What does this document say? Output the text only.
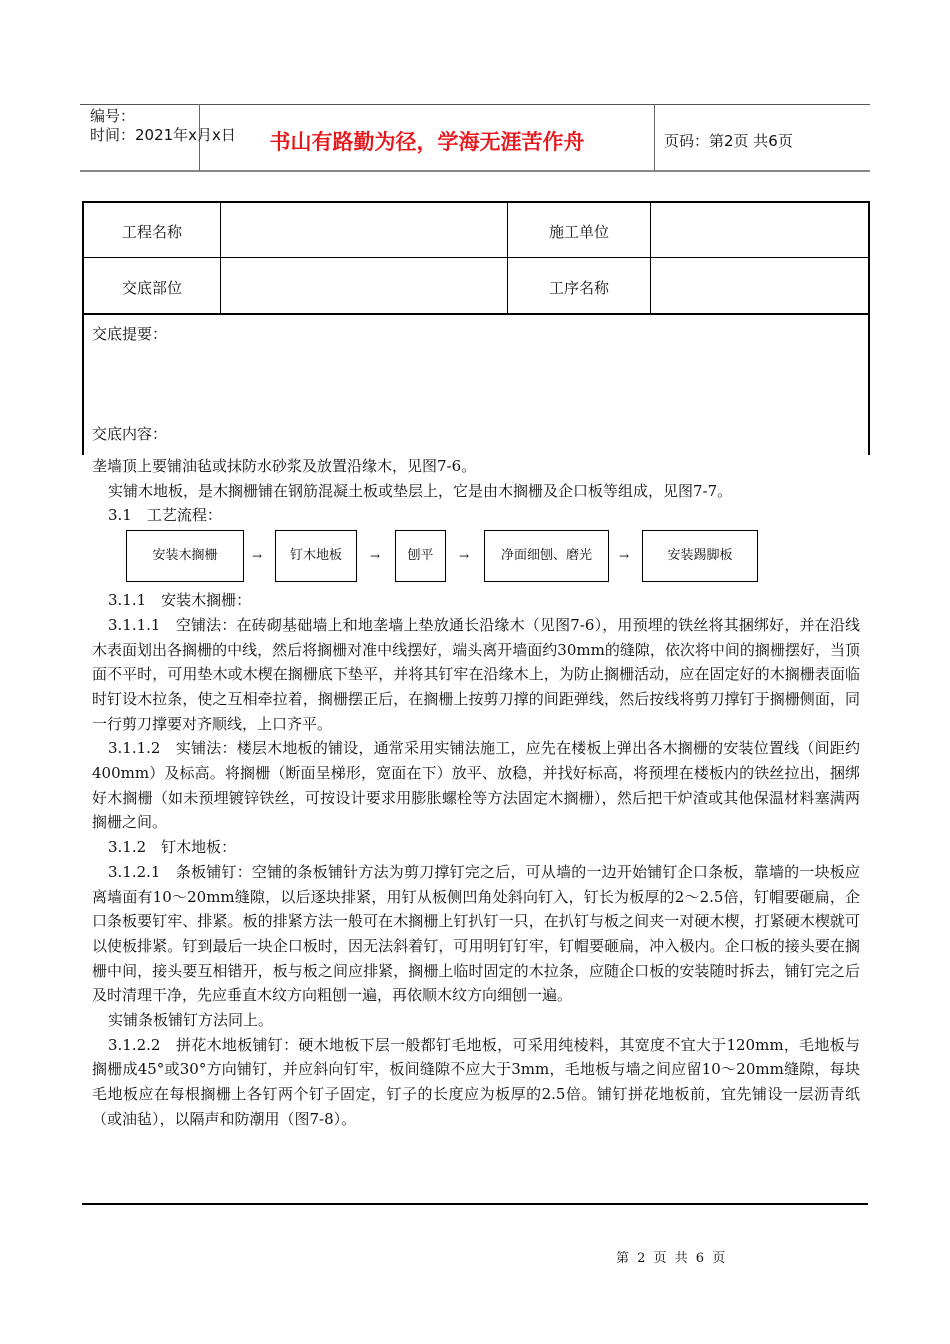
编号：
时间：2021年x月x日	书山有路勤为径，学海无涯苦作舟	页码：第2页 共6页
工程名称	施工单位
交底部位	工序名称
交底提要：
交底内容：

垄墙顶上要铺油毡或抹防水砂浆及放置沿缘木，见图7-6。

实铺木地板，是木搁栅铺在钢筋混凝土板或垫层上，它是由木搁栅及企口板等组成，见图7-7。

3.1　工艺流程：

安装木搁栅	→	钉木地板	→	刨平	→	净面细刨、磨光	→	安装踢脚板

3.1.1　安装木搁栅：

3.1.1.1　空铺法：在砖砌基础墙上和地垄墙上垫放通长沿缘木（见图7-6），用预埋的铁丝将其捆绑好，并在沿线木表面划出各搁栅的中线，然后将搁栅对准中线摆好，端头离开墙面约30mm的缝隙，依次将中间的搁栅摆好，当顶面不平时，可用垫木或木楔在搁栅底下垫平，并将其钉牢在沿缘木上，为防止搁栅活动，应在固定好的木搁栅表面临时钉设木拉条，使之互相牵拉着，搁栅摆正后，在搁栅上按剪刀撑的间距弹线，然后按线将剪刀撑钉于搁栅侧面，同一行剪刀撑要对齐顺线，上口齐平。

3.1.1.2　实铺法：楼层木地板的铺设，通常采用实铺法施工，应先在楼板上弹出各木搁栅的安装位置线（间距约400mm）及标高。将搁栅（断面呈梯形，宽面在下）放平、放稳，并找好标高，将预埋在楼板内的铁丝拉出，捆绑好木搁栅（如未预埋镀锌铁丝，可按设计要求用膨胀螺栓等方法固定木搁栅），然后把干炉渣或其他保温材料塞满两搁栅之间。

3.1.2　钉木地板：

3.1.2.1　条板铺钉：空铺的条板铺针方法为剪刀撑钉完之后，可从墙的一边开始铺钉企口条板，靠墙的一块板应离墙面有10～20mm缝隙，以后逐块排紧，用钉从板侧凹角处斜向钉入，钉长为板厚的2～2.5倍，钉帽要砸扁，企口条板要钉牢、排紧。板的排紧方法一般可在木搁栅上钉扒钉一只，在扒钉与板之间夹一对硬木楔，打紧硬木楔就可以使板排紧。钉到最后一块企口板时，因无法斜着钉，可用明钉钉牢，钉帽要砸扁，冲入极内。企口板的接头要在搁栅中间，接头要互相错开，板与板之间应排紧，搁栅上临时固定的木拉条，应随企口板的安装随时拆去，铺钉完之后及时清理干净，先应垂直木纹方向粗刨一遍，再依顺木纹方向细刨一遍。

实铺条板铺钉方法同上。

3.1.2.2　拼花木地板铺钉：硬木地板下层一般都钉毛地板，可采用纯棱料，其宽度不宜大于120mm，毛地板与搁栅成45°或30°方向铺钉，并应斜向钉牢，板间缝隙不应大于3mm，毛地板与墙之间应留10～20mm缝隙，每块毛地板应在每根搁栅上各钉两个钉子固定，钉子的长度应为板厚的2.5倍。铺钉拼花地板前，宜先铺设一层沥青纸（或油毡），以隔声和防潮用（图7-8）。

第 2 页 共 6 页
